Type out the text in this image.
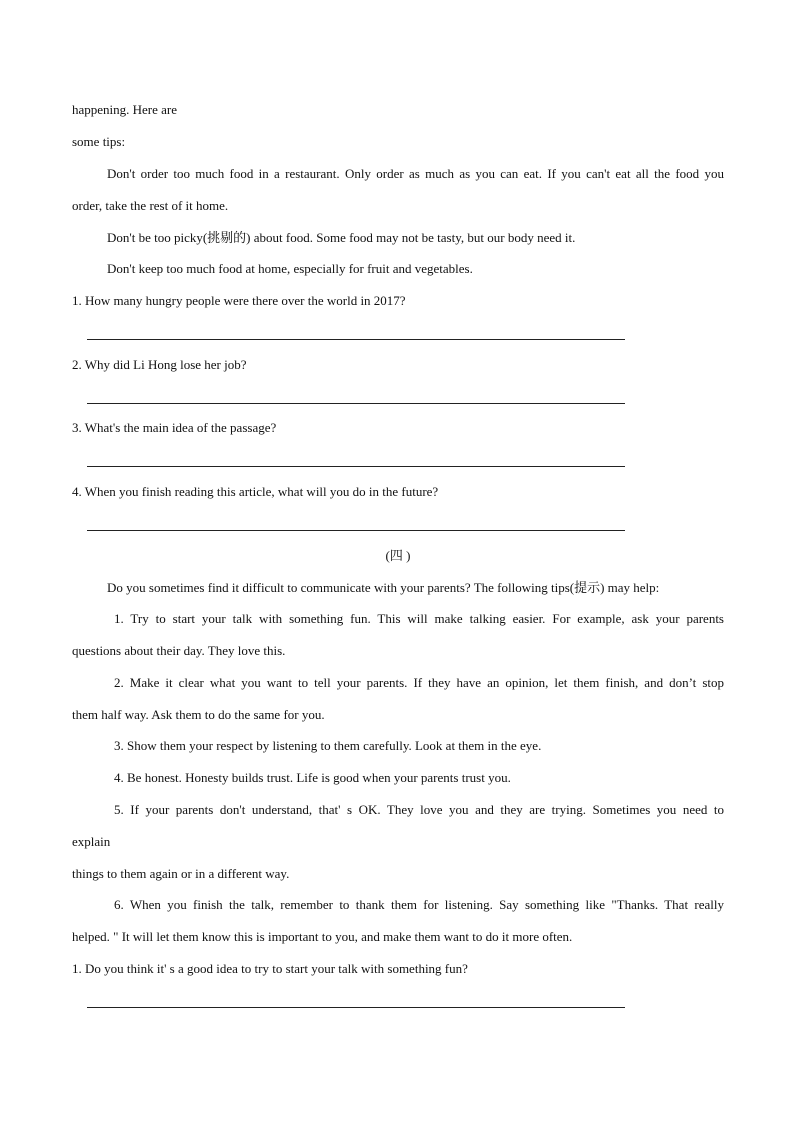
happening. Here are
some tips:
Don't order too much food in a restaurant. Only order as much as you can eat. If you can't eat all the food you
order, take the rest of it home.
Don't be too picky(挑剔的) about food. Some food may not be tasty, but our body need it.
Don't keep too much food at home, especially for fruit and vegetables.
1. How many hungry people were there over the world in 2017?
2. Why did Li Hong lose her job?
3. What's the main idea of the passage?
4. When you finish reading this article, what will you do in the future?
(四 )
Do you sometimes find it difficult to communicate with your parents? The following tips(提示) may help:
1. Try to start your talk with something fun. This will make talking easier. For example, ask your parents
questions about their day. They love this.
2. Make it clear what you want to tell your parents. If they have an opinion, let them finish, and don’t stop
them half way. Ask them to do the same for you.
3. Show them your respect by listening to them carefully. Look at them in the eye.
4. Be honest. Honesty builds trust. Life is good when your parents trust you.
5. If your parents don't understand, that' s OK. They love you and they are trying. Sometimes you need to
explain
things to them again or in a different way.
6. When you finish the talk, remember to thank them for listening. Say something like "Thanks. That really
helped. " It will let them know this is important to you, and make them want to do it more often.
1. Do you think it' s a good idea to try to start your talk with something fun?
